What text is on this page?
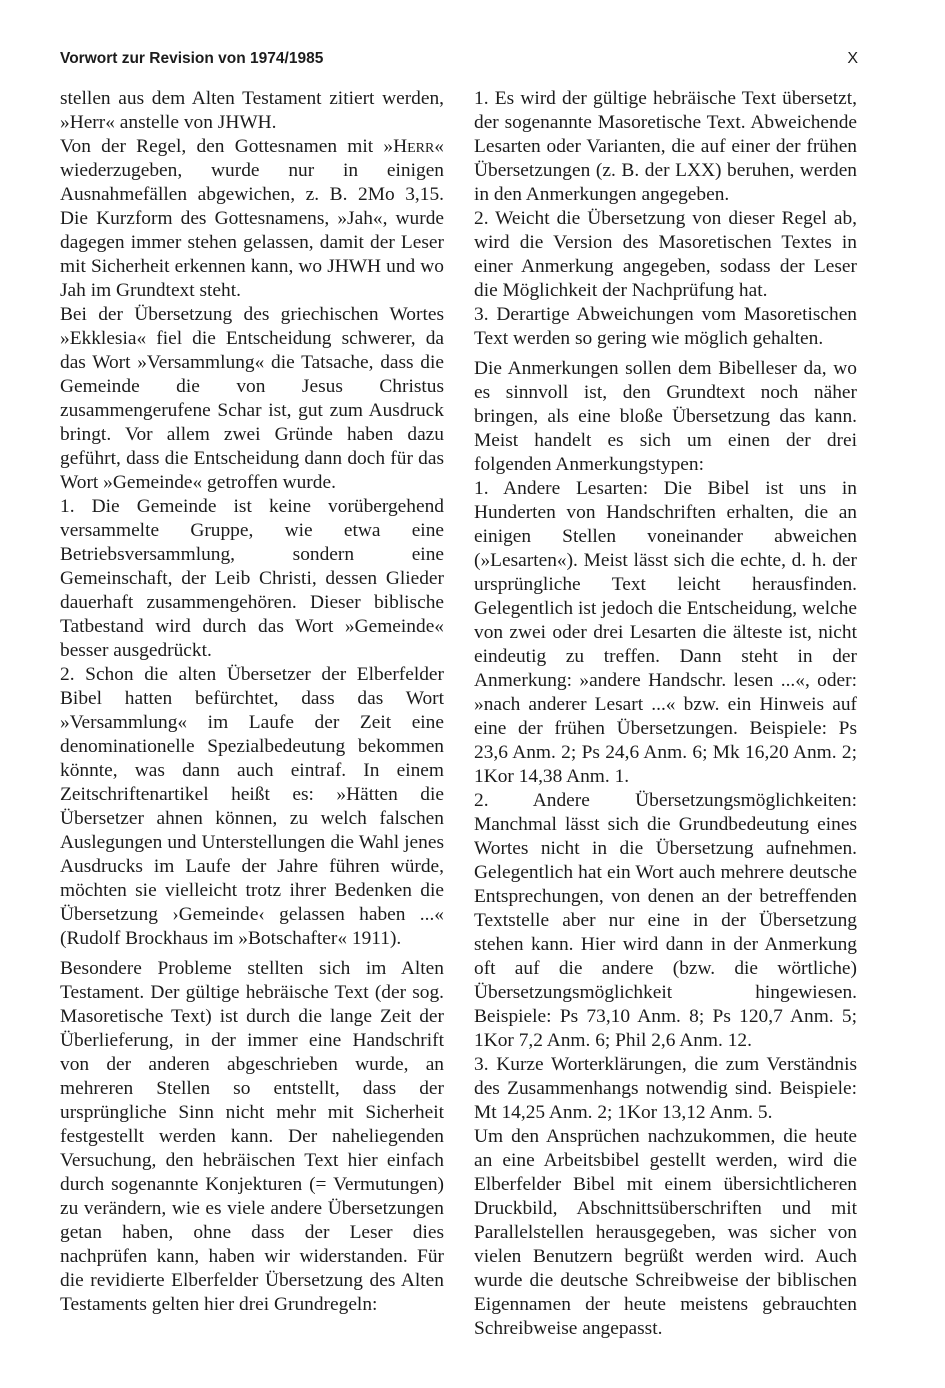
Vorwort zur Revision von 1974/1985	X

stellen aus dem Alten Testament zitiert werden, »Herr« anstelle von JHWH.

Von der Regel, den Gottesnamen mit »Herr« wiederzugeben, wurde nur in einigen Ausnahmefällen abgewichen, z. B. 2Mo 3,15. Die Kurzform des Gottesnamens, »Jah«, wurde dagegen immer stehen gelassen, damit der Leser mit Sicherheit erkennen kann, wo JHWH und wo Jah im Grundtext steht.

Bei der Übersetzung des griechischen Wortes »Ekklesia« fiel die Entscheidung schwerer, da das Wort »Versammlung« die Tatsache, dass die Gemeinde die von Jesus Christus zusammengerufene Schar ist, gut zum Ausdruck bringt. Vor allem zwei Gründe haben dazu geführt, dass die Entscheidung dann doch für das Wort »Gemeinde« getroffen wurde.

1. Die Gemeinde ist keine vorübergehend versammelte Gruppe, wie etwa eine Betriebsversammlung, sondern eine Gemeinschaft, der Leib Christi, dessen Glieder dauerhaft zusammengehören. Dieser biblische Tatbestand wird durch das Wort »Gemeinde« besser ausgedrückt.

2. Schon die alten Übersetzer der Elberfelder Bibel hatten befürchtet, dass das Wort »Versammlung« im Laufe der Zeit eine denominationelle Spezialbedeutung bekommen könnte, was dann auch eintraf. In einem Zeitschriftenartikel heißt es: »Hätten die Übersetzer ahnen können, zu welch falschen Auslegungen und Unterstellungen die Wahl jenes Ausdrucks im Laufe der Jahre führen würde, möchten sie vielleicht trotz ihrer Bedenken die Übersetzung ›Gemeinde‹ gelassen haben ...« (Rudolf Brockhaus im »Botschafter« 1911).

Besondere Probleme stellten sich im Alten Testament. Der gültige hebräische Text (der sog. Masoretische Text) ist durch die lange Zeit der Überlieferung, in der immer eine Handschrift von der anderen abgeschrieben wurde, an mehreren Stellen so entstellt, dass der ursprüngliche Sinn nicht mehr mit Sicherheit festgestellt werden kann. Der naheliegenden Versuchung, den hebräischen Text hier einfach durch sogenannte Konjekturen (= Vermutungen) zu verändern, wie es viele andere Übersetzungen getan haben, ohne dass der Leser dies nachprüfen kann, haben wir widerstanden. Für die revidierte Elberfelder Übersetzung des Alten Testaments gelten hier drei Grundregeln:

1. Es wird der gültige hebräische Text übersetzt, der sogenannte Masoretische Text. Abweichende Lesarten oder Varianten, die auf einer der frühen Übersetzungen (z. B. der LXX) beruhen, werden in den Anmerkungen angegeben.

2. Weicht die Übersetzung von dieser Regel ab, wird die Version des Masoretischen Textes in einer Anmerkung angegeben, sodass der Leser die Möglichkeit der Nachprüfung hat.

3. Derartige Abweichungen vom Masoretischen Text werden so gering wie möglich gehalten.

Die Anmerkungen sollen dem Bibelleser da, wo es sinnvoll ist, den Grundtext noch näher bringen, als eine bloße Übersetzung das kann. Meist handelt es sich um einen der drei folgenden Anmerkungstypen:

1. Andere Lesarten: Die Bibel ist uns in Hunderten von Handschriften erhalten, die an einigen Stellen voneinander abweichen (»Lesarten«). Meist lässt sich die echte, d. h. der ursprüngliche Text leicht herausfinden. Gelegentlich ist jedoch die Entscheidung, welche von zwei oder drei Lesarten die älteste ist, nicht eindeutig zu treffen. Dann steht in der Anmerkung: »andere Handschr. lesen ...«, oder: »nach anderer Lesart ...« bzw. ein Hinweis auf eine der frühen Übersetzungen. Beispiele: Ps 23,6 Anm. 2; Ps 24,6 Anm. 6; Mk 16,20 Anm. 2; 1Kor 14,38 Anm. 1.

2. Andere Übersetzungsmöglichkeiten: Manchmal lässt sich die Grundbedeutung eines Wortes nicht in die Übersetzung aufnehmen. Gelegentlich hat ein Wort auch mehrere deutsche Entsprechungen, von denen an der betreffenden Textstelle aber nur eine in der Übersetzung stehen kann. Hier wird dann in der Anmerkung oft auf die andere (bzw. die wörtliche) Übersetzungsmöglichkeit hingewiesen. Beispiele: Ps 73,10 Anm. 8; Ps 120,7 Anm. 5; 1Kor 7,2 Anm. 6; Phil 2,6 Anm. 12.

3. Kurze Worterklärungen, die zum Verständnis des Zusammenhangs notwendig sind. Beispiele: Mt 14,25 Anm. 2; 1Kor 13,12 Anm. 5.

Um den Ansprüchen nachzukommen, die heute an eine Arbeitsbibel gestellt werden, wird die Elberfelder Bibel mit einem übersichtlicheren Druckbild, Abschnittsüberschriften und mit Parallelstellen herausgegeben, was sicher von vielen Benutzern begrüßt werden wird. Auch wurde die deutsche Schreibweise der biblischen Eigennamen der heute meistens gebrauchten Schreibweise angepasst.
